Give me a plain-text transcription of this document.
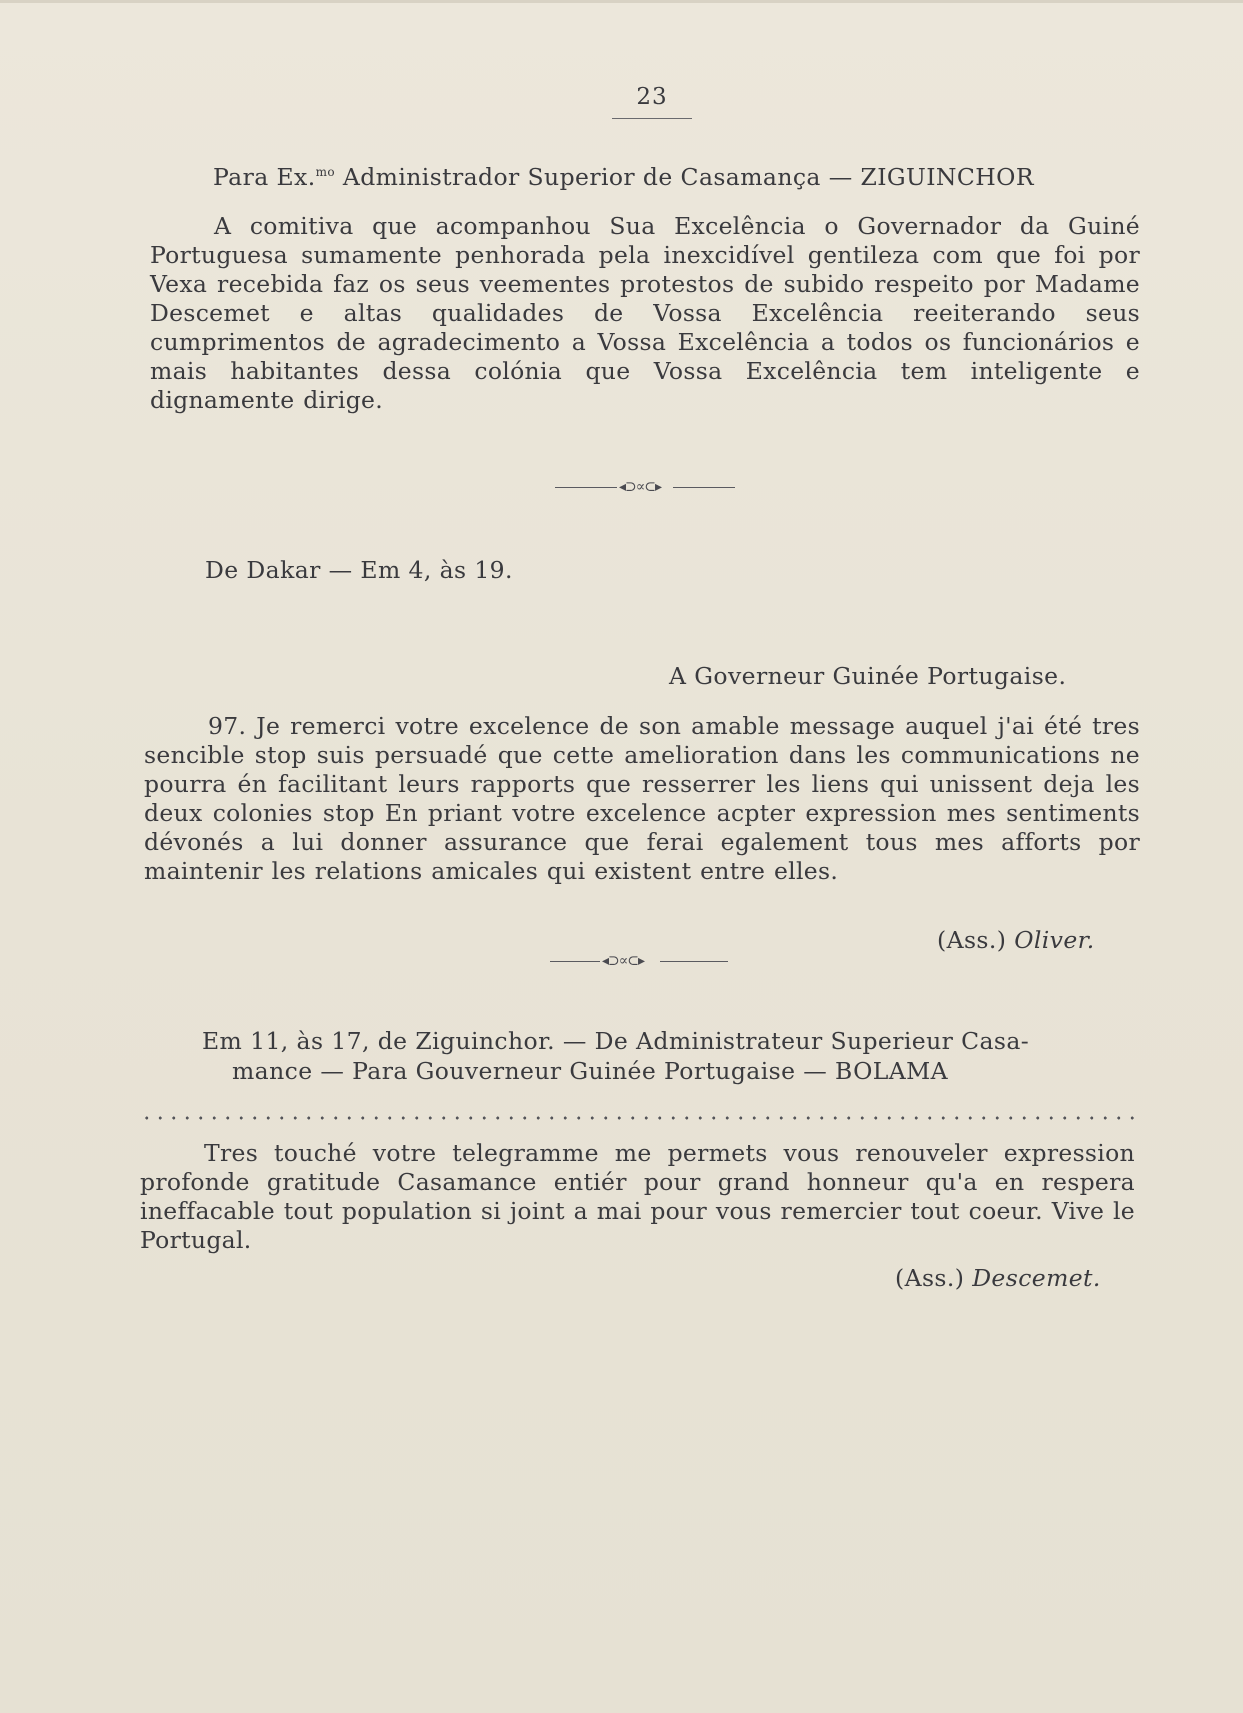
23
Para Ex.$^{mo}$ Administrador Superior de Casamança — ZIGUINCHOR
A comitiva que acompanhou Sua Excelência o Governador da Guiné Portuguesa sumamente penhorada pela inexcidível gentileza com que foi por Vexa recebida faz os seus veementes protestos de subido respeito por Madame Descemet e altas qualidades de Vossa Excelência reeiterando seus cumprimentos de agradecimento a Vossa Excelência a todos os funcionários e mais habitantes dessa colónia que Vossa Excelência tem inteligente e dignamente dirige.
◂⊃∝⊂▸
De Dakar — Em 4, às 19.
A Governeur Guinée Portugaise.
97. Je remerci votre excelence de son amable message auquel j'ai été tres sencible stop suis persuadé que cette amelioration dans les communications ne pourra én facilitant leurs rapports que resserrer les liens qui unissent deja les deux colonies stop En priant votre excelence acpter expression mes sentiments dévonés a lui donner assurance que ferai egalement tous mes afforts por maintenir les relations amicales qui existent entre elles.
(Ass.) Oliver.
◂⊃∝⊂▸
Em 11, às 17, de Ziguinchor. — De Administrateur Superieur Casa-
mance — Para Gouverneur Guinée Portugaise — BOLAMA
Tres touché votre telegramme me permets vous renouveler expression profonde gratitude Casamance entiér pour grand honneur qu'a en respera ineffacable tout population si joint a mai pour vous remercier tout coeur. Vive le Portugal.
(Ass.) Descemet.
